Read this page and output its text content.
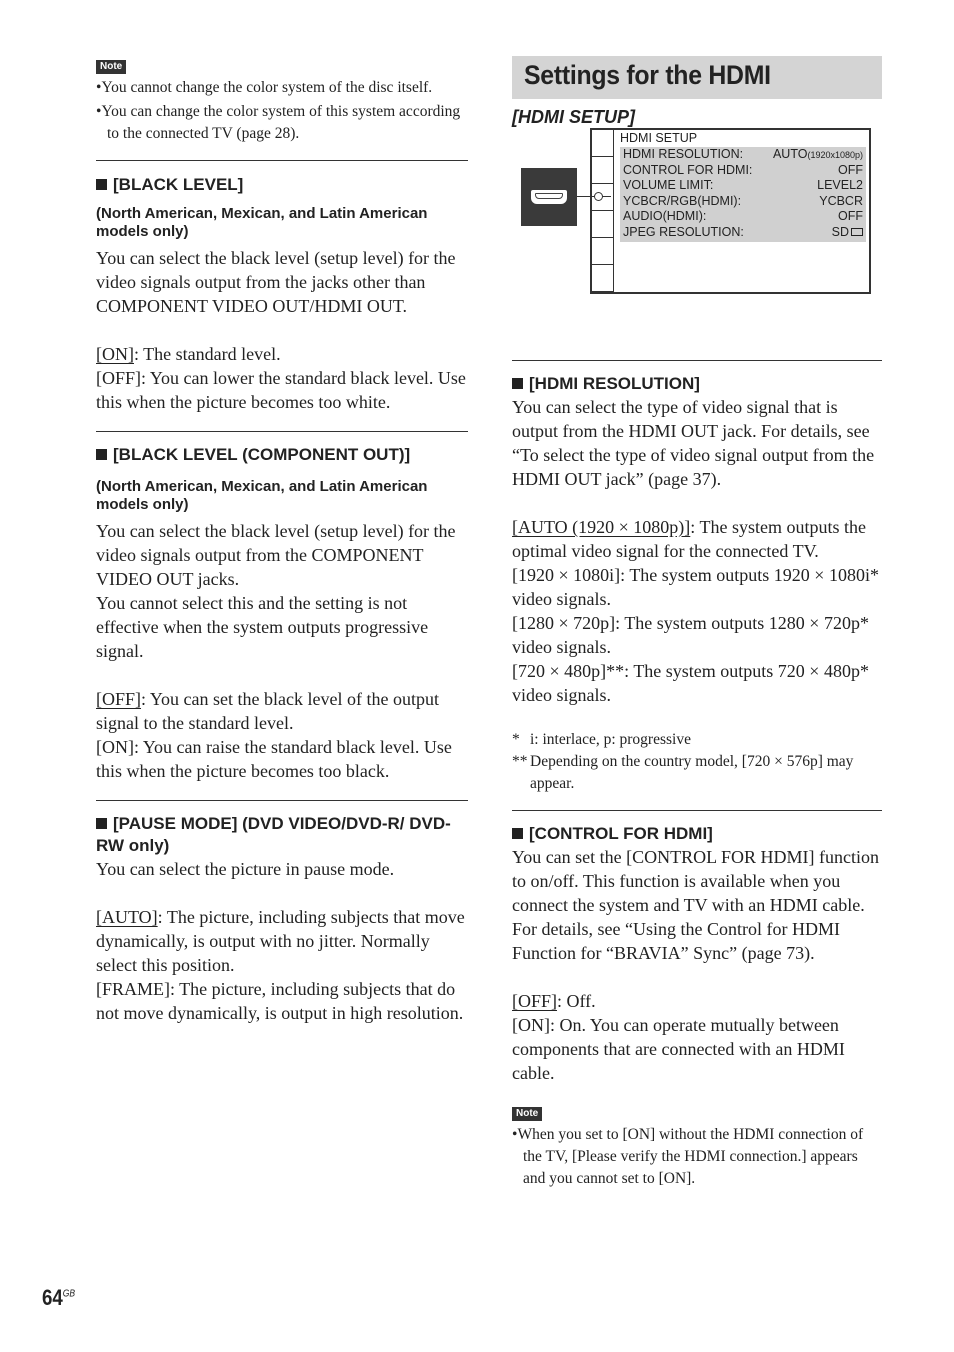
Note
• You cannot change the color system of the disc itself.
• You can change the color system of this system according to the connected TV (page 28).
[BLACK LEVEL]
(North American, Mexican, and Latin American models only)
You can select the black level (setup level) for the video signals output from the jacks other than COMPONENT VIDEO OUT/HDMI OUT.
[ON]: The standard level.
[OFF]: You can lower the standard black level. Use this when the picture becomes too white.
[BLACK LEVEL (COMPONENT OUT)]
(North American, Mexican, and Latin American models only)
You can select the black level (setup level) for the video signals output from the COMPONENT VIDEO OUT jacks.
You cannot select this and the setting is not effective when the system outputs progressive signal.
[OFF]: You can set the black level of the output signal to the standard level.
[ON]: You can raise the standard black level. Use this when the picture becomes too black.
[PAUSE MODE] (DVD VIDEO/DVD-R/ DVD-RW only)
You can select the picture in pause mode.
[AUTO]: The picture, including subjects that move dynamically, is output with no jitter. Normally select this position.
[FRAME]: The picture, including subjects that do not move dynamically, is output in high resolution.
Settings for the HDMI
[HDMI SETUP]
HDMI SETUP
HDMI RESOLUTION: AUTO(1920x1080p)
CONTROL FOR HDMI:	OFF
VOLUME LIMIT:	LEVEL2
YCBCR/RGB(HDMI):	YCBCR
AUDIO(HDMI):	OFF
JPEG RESOLUTION:	SD
[HDMI RESOLUTION]
You can select the type of video signal that is output from the HDMI OUT jack. For details, see “To select the type of video signal output from the HDMI OUT jack” (page 37).
[AUTO (1920 × 1080p)]: The system outputs the optimal video signal for the connected TV.
[1920 × 1080i]: The system outputs 1920 × 1080i* video signals.
[1280 × 720p]: The system outputs 1280 × 720p* video signals.
[720 × 480p]**: The system outputs 720 × 480p* video signals.
* i: interlace, p: progressive
** Depending on the country model, [720 × 576p] may appear.
[CONTROL FOR HDMI]
You can set the [CONTROL FOR HDMI] function to on/off. This function is available when you connect the system and TV with an HDMI cable. For details, see “Using the Control for HDMI Function for “BRAVIA” Sync” (page 73).
[OFF]: Off.
[ON]: On. You can operate mutually between components that are connected with an HDMI cable.
Note
• When you set to [ON] without the HDMI connection of the TV, [Please verify the HDMI connection.] appears and you cannot set to [ON].
$64^{GB}$
